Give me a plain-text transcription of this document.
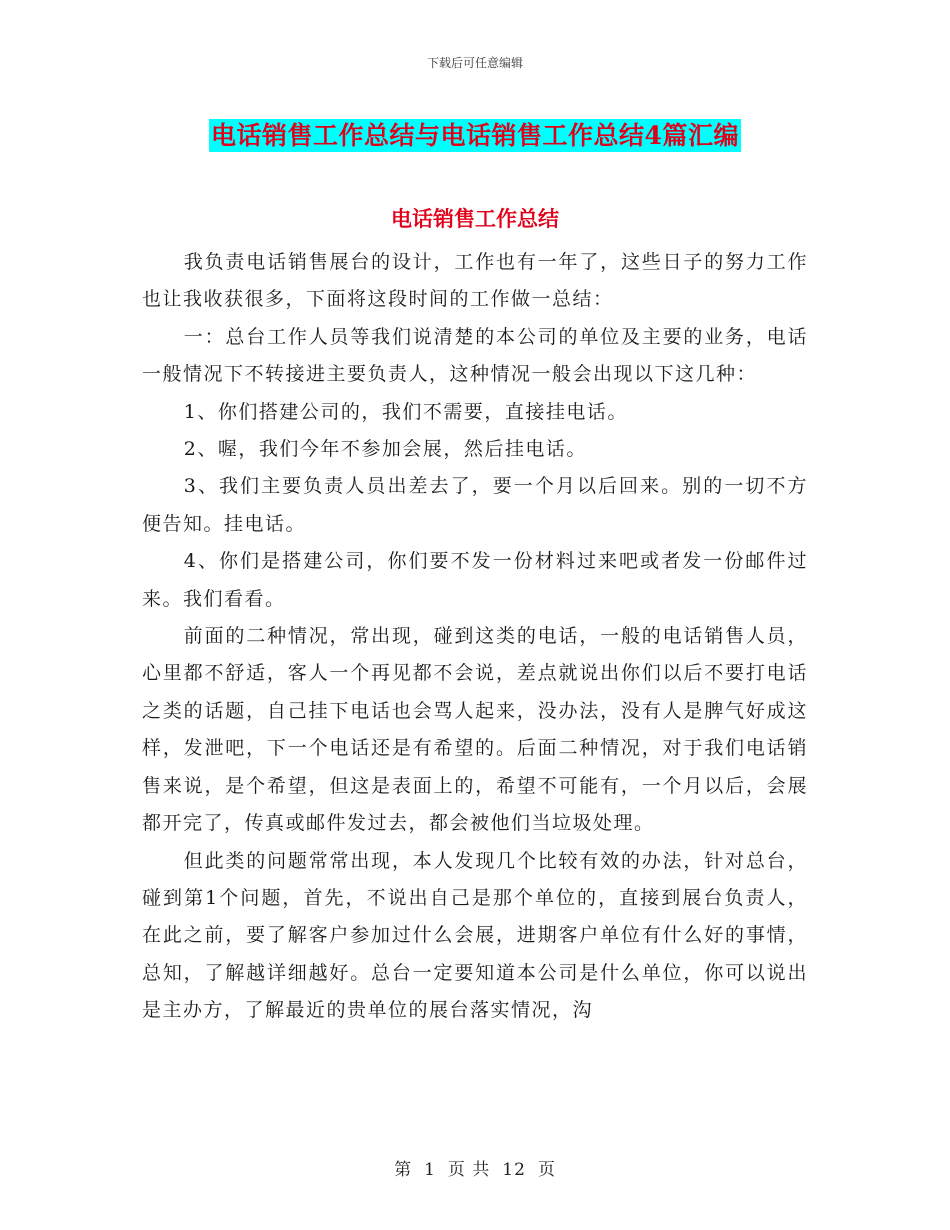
下载后可任意编辑
电话销售工作总结与电话销售工作总结4篇汇编
电话销售工作总结

我负责电话销售展台的设计，工作也有一年了，这些日子的努力工作也让我收获很多，下面将这段时间的工作做一总结：

一：总台工作人员等我们说清楚的本公司的单位及主要的业务，电话一般情况下不转接进主要负责人，这种情况一般会出现以下这几种：

1、你们搭建公司的，我们不需要，直接挂电话。

2、喔，我们今年不参加会展，然后挂电话。

3、我们主要负责人员出差去了，要一个月以后回来。别的一切不方便告知。挂电话。

4、你们是搭建公司，你们要不发一份材料过来吧或者发一份邮件过来。我们看看。

前面的二种情况，常出现，碰到这类的电话，一般的电话销售人员，心里都不舒适，客人一个再见都不会说，差点就说出你们以后不要打电话之类的话题，自己挂下电话也会骂人起来，没办法，没有人是脾气好成这样，发泄吧，下一个电话还是有希望的。后面二种情况，对于我们电话销售来说，是个希望，但这是表面上的，希望不可能有，一个月以后，会展都开完了，传真或邮件发过去，都会被他们当垃圾处理。

但此类的问题常常出现，本人发现几个比较有效的办法，针对总台，碰到第1个问题，首先，不说出自己是那个单位的，直接到展台负责人，在此之前，要了解客户参加过什么会展，进期客户单位有什么好的事情，总知，了解越详细越好。总台一定要知道本公司是什么单位，你可以说出是主办方，了解最近的贵单位的展台落实情况，沟

第 1 页 共 12 页
